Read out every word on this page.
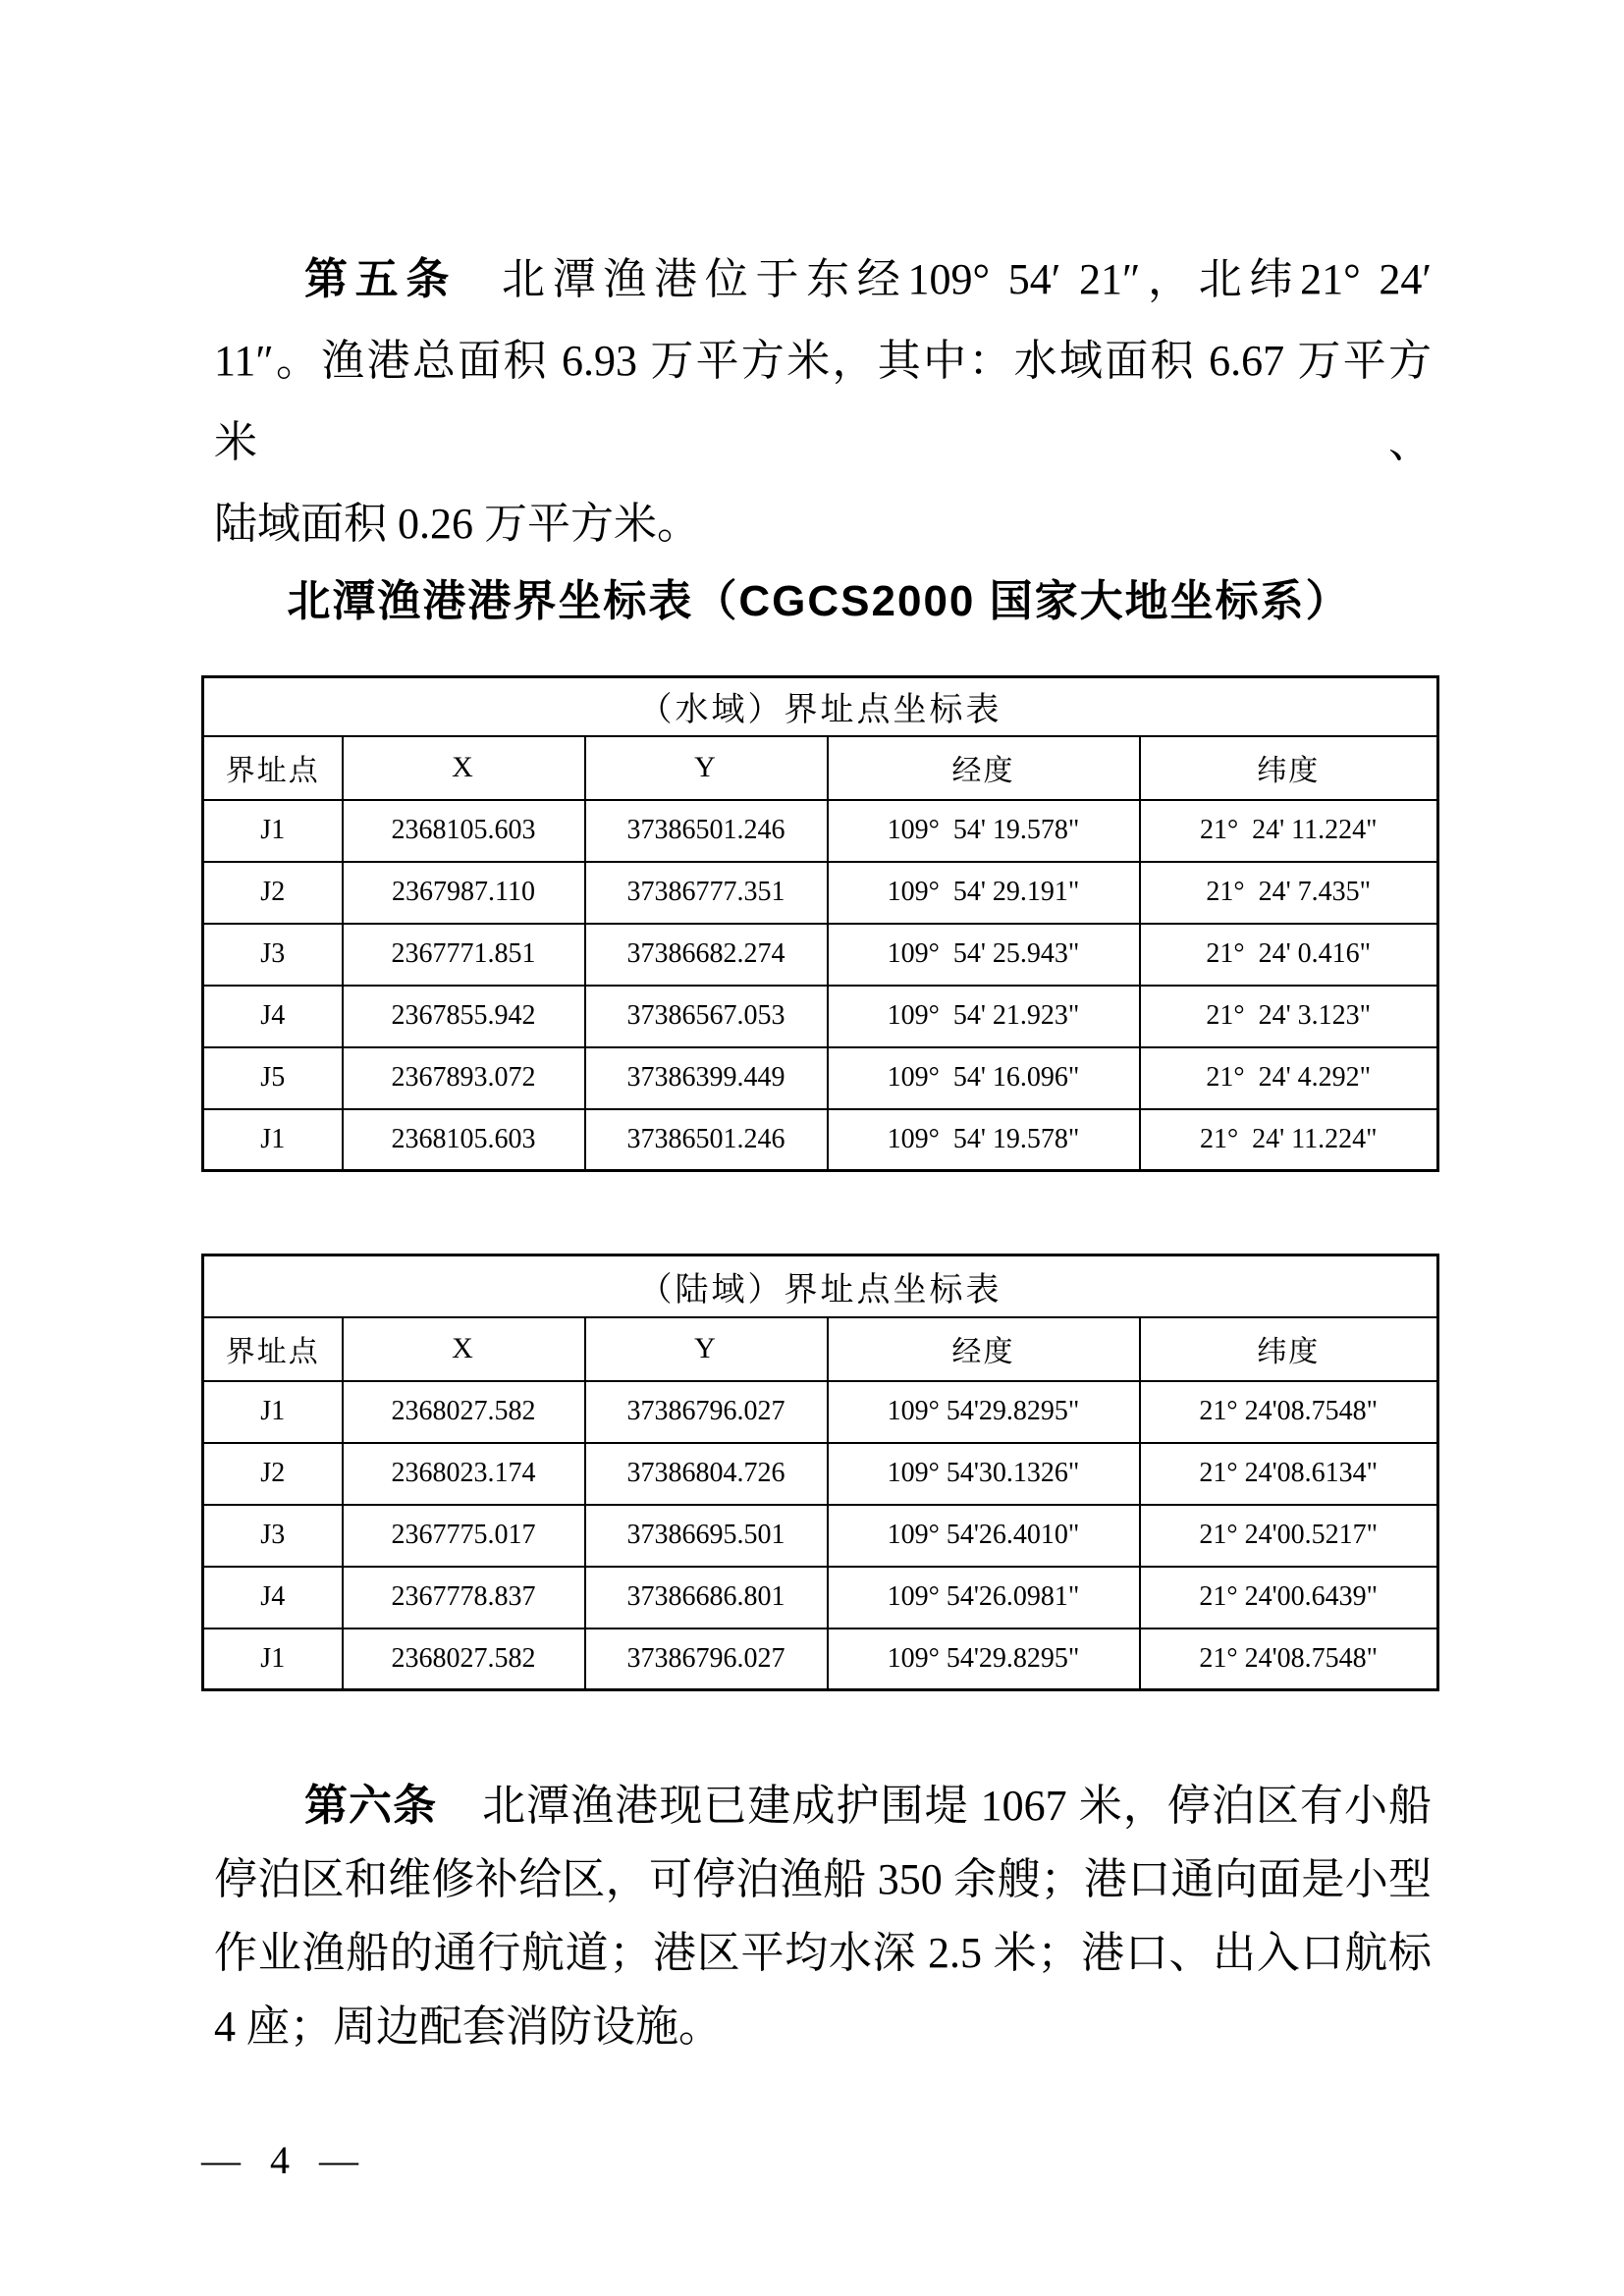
第五条 北潭渔港位于东经109° 54′ 21″，北纬21° 24′
11″。渔港总面积 6.93 万平方米，其中：水域面积 6.67 万平方米、
陆域面积 0.26 万平方米。
北潭渔港港界坐标表（CGCS2000 国家大地坐标系）
（水域）界址点坐标表				
界址点	X	Y	经度	纬度
J1	2368105.603	37386501.246	109°  54' 19.578"	21°  24' 11.224"
J2	2367987.110	37386777.351	109°  54' 29.191"	21°  24' 7.435"
J3	2367771.851	37386682.274	109°  54' 25.943"	21°  24' 0.416"
J4	2367855.942	37386567.053	109°  54' 21.923"	21°  24' 3.123"
J5	2367893.072	37386399.449	109°  54' 16.096"	21°  24' 4.292"
J1	2368105.603	37386501.246	109°  54' 19.578"	21°  24' 11.224"
（陆域）界址点坐标表				
界址点	X	Y	经度	纬度
J1	2368027.582	37386796.027	109° 54'29.8295"	21° 24'08.7548"
J2	2368023.174	37386804.726	109° 54'30.1326"	21° 24'08.6134"
J3	2367775.017	37386695.501	109° 54'26.4010"	21° 24'00.5217"
J4	2367778.837	37386686.801	109° 54'26.0981"	21° 24'00.6439"
J1	2368027.582	37386796.027	109° 54'29.8295"	21° 24'08.7548"
第六条 北潭渔港现已建成护围堤 1067 米，停泊区有小船
停泊区和维修补给区，可停泊渔船 350 余艘；港口通向面是小型
作业渔船的通行航道；港区平均水深 2.5 米；港口、出入口航标
4 座；周边配套消防设施。
— 4 —
